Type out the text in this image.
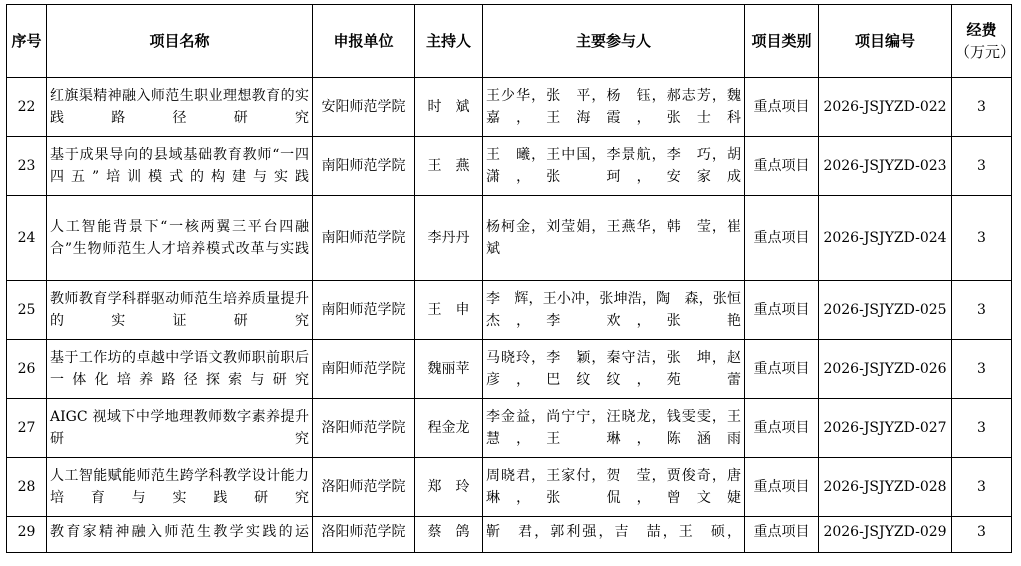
序号	项目名称	申报单位	主持人	主要参与人	项目类别	项目编号	经费
（万元）

22	红旗渠精神融入师范生职业理想教育的实践路径研究	安阳师范学院	时　斌	王少华，张　平，杨　钰，郝志芳，魏　嘉，王海霞，张士科	重点项目	2026-JSJYZD-022	3
23	基于成果导向的县域基础教育教师“一四四五”培训模式的构建与实践	南阳师范学院	王　燕	王　曦，王中国，李景航，李　巧，胡　潇，张　珂，安家成	重点项目	2026-JSJYZD-023	3
24	人工智能背景下“一核两翼三平台四融合”生物师范生人才培养模式改革与实践	南阳师范学院	李丹丹	杨柯金，刘莹娟，王燕华，韩　莹，崔　斌	重点项目	2026-JSJYZD-024	3
25	教师教育学科群驱动师范生培养质量提升的实证研究	南阳师范学院	王　申	李　辉，王小冲，张坤浩，陶　森，张恒杰，李　欢，张　艳	重点项目	2026-JSJYZD-025	3
26	基于工作坊的卓越中学语文教师职前职后一体化培养路径探索与研究	南阳师范学院	魏丽苹	马晓玲，李　颖，秦守洁，张　坤，赵　彦，巴纹纹，苑　蕾	重点项目	2026-JSJYZD-026	3
27	AIGC 视域下中学地理教师数字素养提升研究	洛阳师范学院	程金龙	李金益，尚宁宁，汪晓龙，钱雯雯，王　慧，王　琳，陈涵雨	重点项目	2026-JSJYZD-027	3
28	人工智能赋能师范生跨学科教学设计能力培育与实践研究	洛阳师范学院	郑　玲	周晓君，王家付，贺　莹，贾俊奇，唐　琳，张　侃，曾文婕	重点项目	2026-JSJYZD-028	3
29	教育家精神融入师范生教学实践的运	洛阳师范学院	蔡　鸽	靳　君，郭利强，吉　喆，王　硕，	重点项目	2026-JSJYZD-029	3
